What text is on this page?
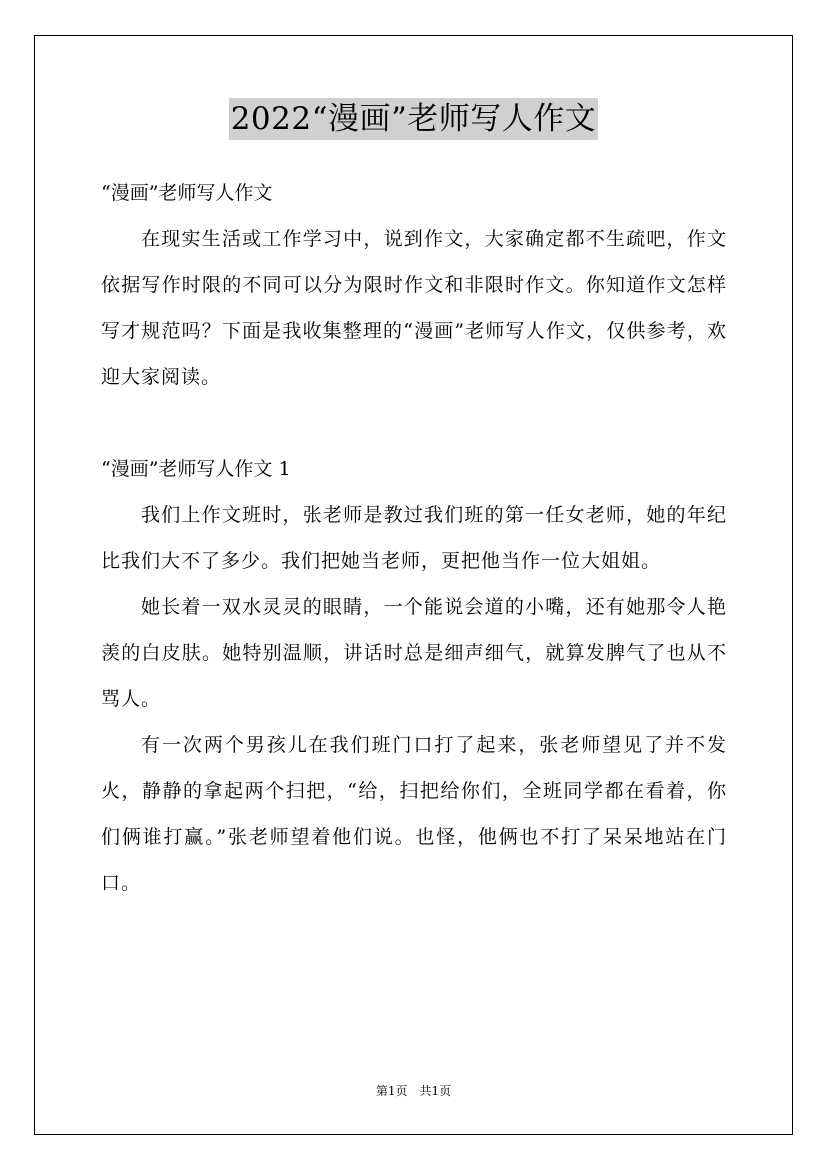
2022“漫画”老师写人作文
“漫画”老师写人作文
在现实生活或工作学习中，说到作文，大家确定都不生疏吧，作文依据写作时限的不同可以分为限时作文和非限时作文。你知道作文怎样写才规范吗？下面是我收集整理的“漫画”老师写人作文，仅供参考，欢迎大家阅读。
“漫画”老师写人作文 1
我们上作文班时，张老师是教过我们班的第一任女老师，她的年纪比我们大不了多少。我们把她当老师，更把他当作一位大姐姐。
她长着一双水灵灵的眼睛，一个能说会道的小嘴，还有她那令人艳羡的白皮肤。她特别温顺，讲话时总是细声细气，就算发脾气了也从不骂人。
有一次两个男孩儿在我们班门口打了起来，张老师望见了并不发火，静静的拿起两个扫把，“给，扫把给你们，全班同学都在看着，你们俩谁打赢。”张老师望着他们说。也怪，他俩也不打了呆呆地站在门口。
第1页　共1页
